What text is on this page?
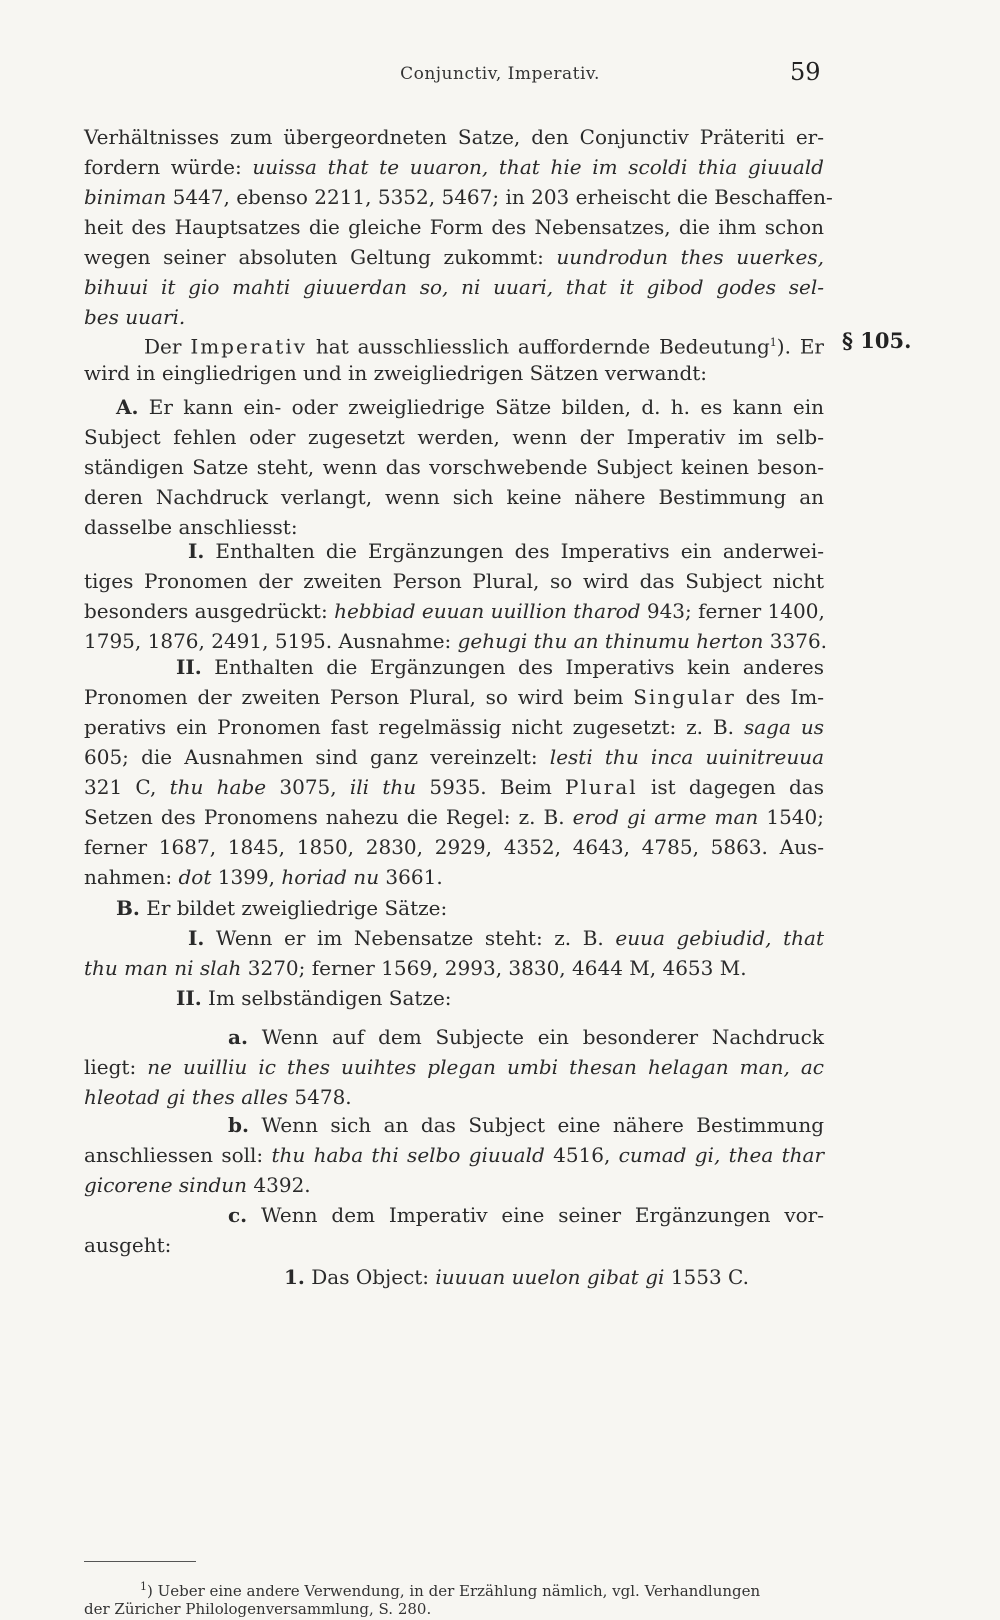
Conjunctiv, Imperativ.	59
Verhältnisses zum übergeordneten Satze, den Conjunctiv Präteriti er-
fordern würde: uuissa that te uuaron, that hie im scoldi thia giuuald
biniman 5447, ebenso 2211, 5352, 5467; in 203 erheischt die Beschaffen-
heit des Hauptsatzes die gleiche Form des Nebensatzes, die ihm schon
wegen seiner absoluten Geltung zukommt: uundrodun thes uuerkes,
bihuui it gio mahti giuuerdan so, ni uuari, that it gibod godes sel-
bes uuari.
Der Imperativ hat ausschliesslich auffordernde Bedeutung$^1$). Er § 105.
wird in eingliedrigen und in zweigliedrigen Sätzen verwandt:
A. Er kann ein- oder zweigliedrige Sätze bilden, d. h. es kann ein
Subject fehlen oder zugesetzt werden, wenn der Imperativ im selb-
ständigen Satze steht, wenn das vorschwebende Subject keinen beson-
deren Nachdruck verlangt, wenn sich keine nähere Bestimmung an
dasselbe anschliesst:
I. Enthalten die Ergänzungen des Imperativs ein anderwei-
tiges Pronomen der zweiten Person Plural, so wird das Subject nicht
besonders ausgedrückt: hebbiad euuan uuillion tharod 943; ferner 1400,
1795, 1876, 2491, 5195. Ausnahme: gehugi thu an thinumu herton 3376.
II. Enthalten die Ergänzungen des Imperativs kein anderes
Pronomen der zweiten Person Plural, so wird beim Singular des Im-
perativs ein Pronomen fast regelmässig nicht zugesetzt: z. B. saga us
605; die Ausnahmen sind ganz vereinzelt: lesti thu inca uuinitreuua
321 C, thu habe 3075, ili thu 5935. Beim Plural ist dagegen das
Setzen des Pronomens nahezu die Regel: z. B. erod gi arme man 1540;
ferner 1687, 1845, 1850, 2830, 2929, 4352, 4643, 4785, 5863. Aus-
nahmen: dot 1399, horiad nu 3661.
B. Er bildet zweigliedrige Sätze:
I. Wenn er im Nebensatze steht: z. B. euua gebiudid, that
thu man ni slah 3270; ferner 1569, 2993, 3830, 4644 M, 4653 M.
II. Im selbständigen Satze:
a. Wenn auf dem Subjecte ein besonderer Nachdruck
liegt: ne uuilliu ic thes uuihtes plegan umbi thesan helagan man, ac
hleotad gi thes alles 5478.
b. Wenn sich an das Subject eine nähere Bestimmung
anschliessen soll: thu haba thi selbo giuuald 4516, cumad gi, thea thar
gicorene sindun 4392.
c. Wenn dem Imperativ eine seiner Ergänzungen vor-
ausgeht:
1. Das Object: iuuuan uuelon gibat gi 1553 C.
$^1$) Ueber eine andere Verwendung, in der Erzählung nämlich, vgl. Verhandlungen
der Züricher Philologenversammlung, S. 280.
